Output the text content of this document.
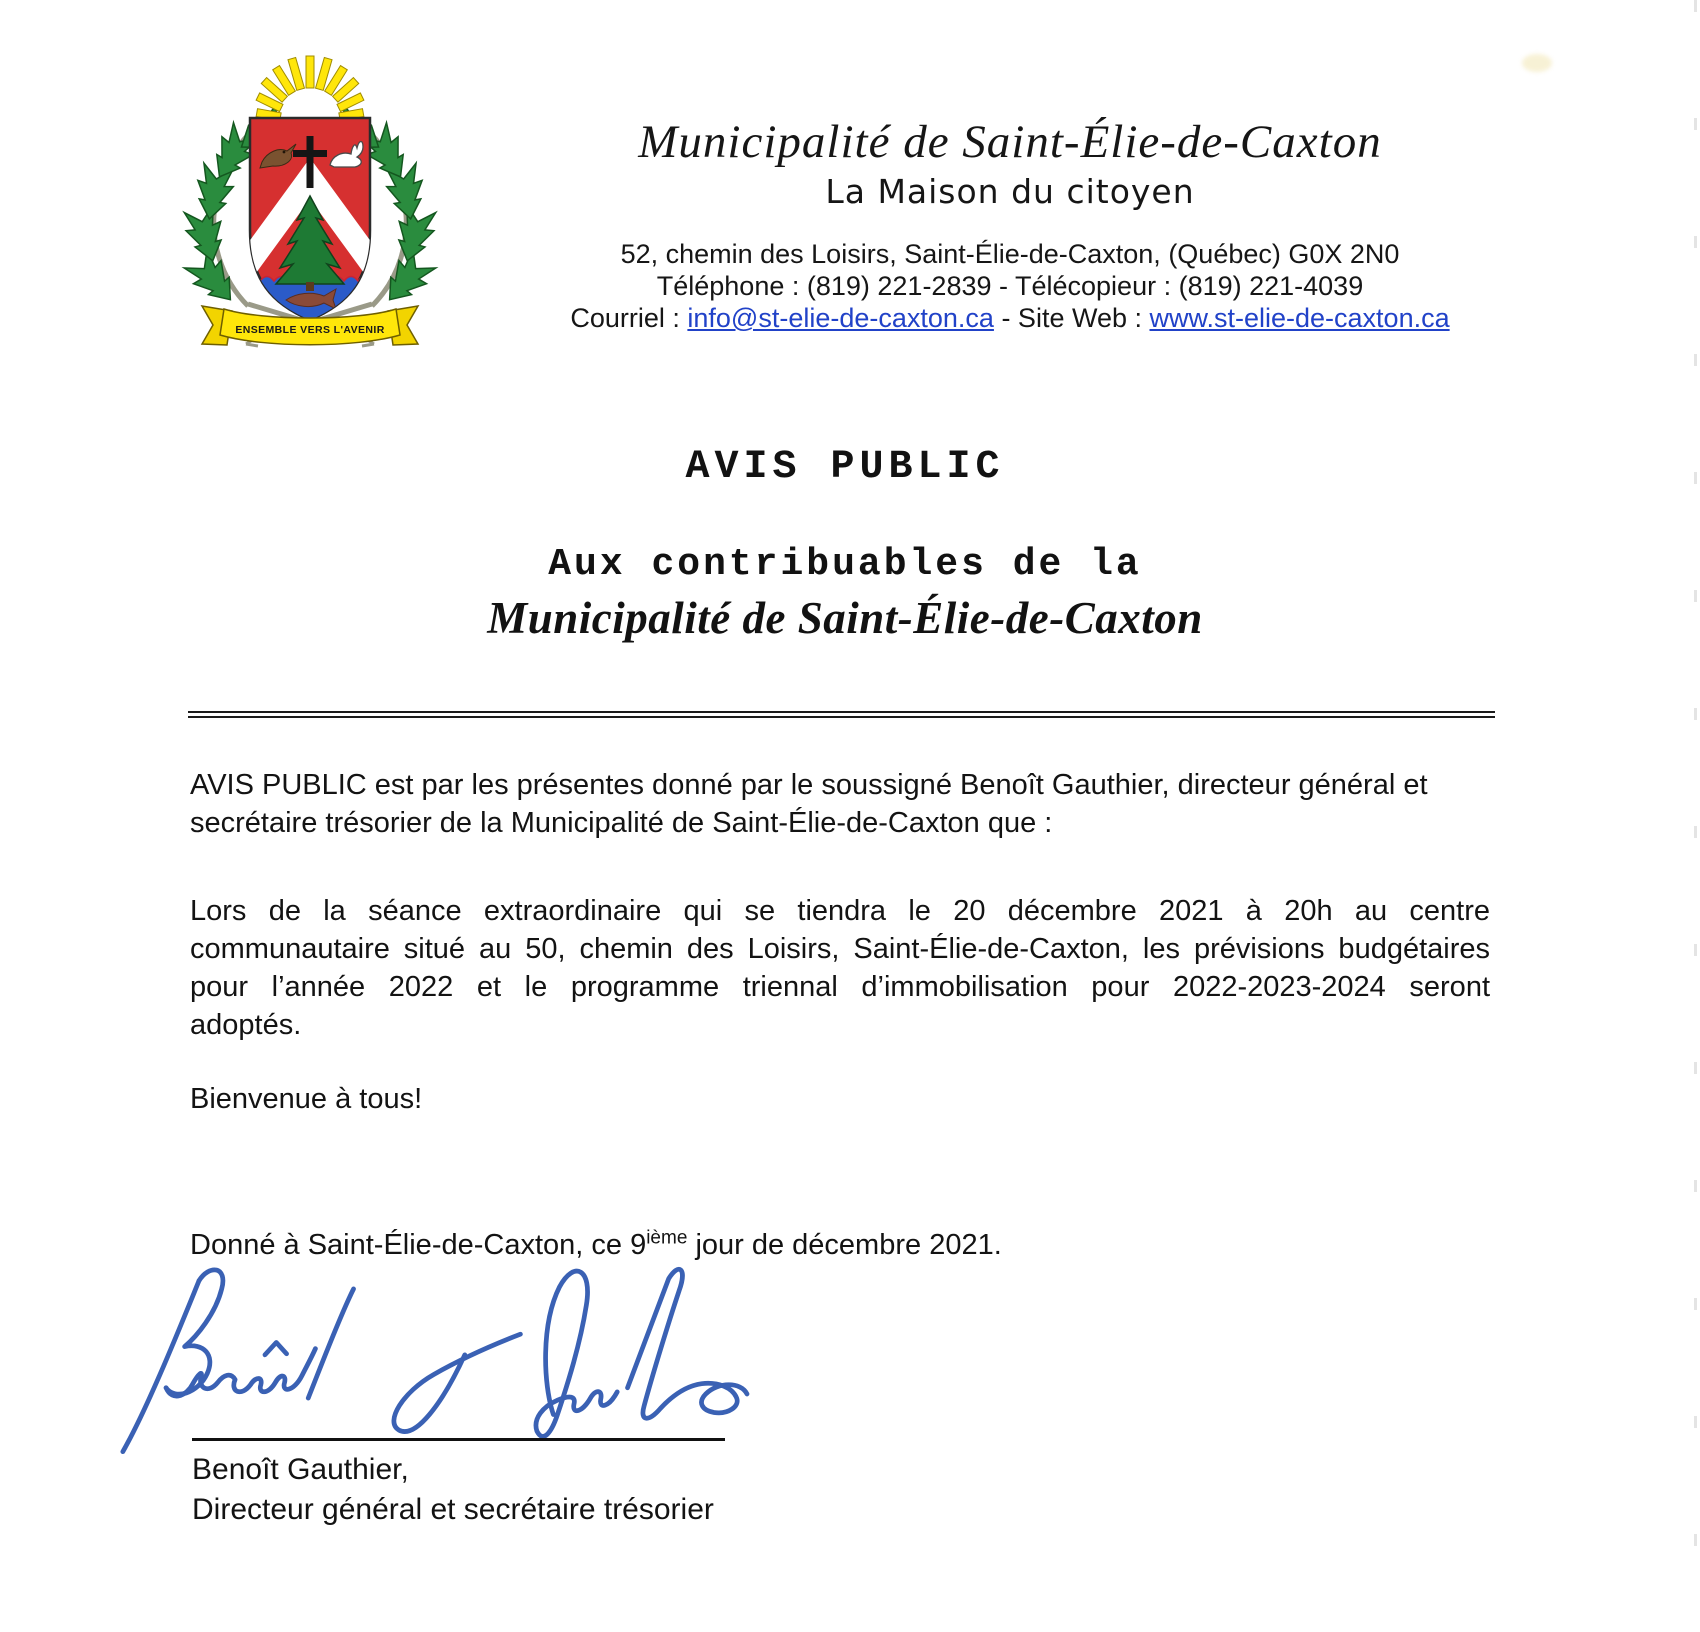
ENSEMBLE VERS L'AVENIR
Municipalité de Saint-Élie-de-Caxton
La Maison du citoyen
52, chemin des Loisirs, Saint-Élie-de-Caxton, (Québec) G0X 2N0
Téléphone : (819) 221-2839 - Télécopieur : (819) 221-4039
Courriel : info@st-elie-de-caxton.ca - Site Web : www.st-elie-de-caxton.ca
AVIS PUBLIC
Aux contribuables de la
Municipalité de Saint-Élie-de-Caxton
AVIS PUBLIC est par les présentes donné par le soussigné Benoît Gauthier, directeur général et
secrétaire trésorier de la Municipalité de Saint-Élie-de-Caxton que :
Lors de la séance extraordinaire qui se tiendra le 20 décembre 2021 à 20h au centre
communautaire situé au 50, chemin des Loisirs, Saint-Élie-de-Caxton, les prévisions budgétaires
pour l’année 2022 et le programme triennal d’immobilisation pour 2022-2023-2024 seront
adoptés.
Bienvenue à tous!
Donné à Saint-Élie-de-Caxton, ce 9ième jour de décembre 2021.
Benoît Gauthier,
Directeur général et secrétaire trésorier
